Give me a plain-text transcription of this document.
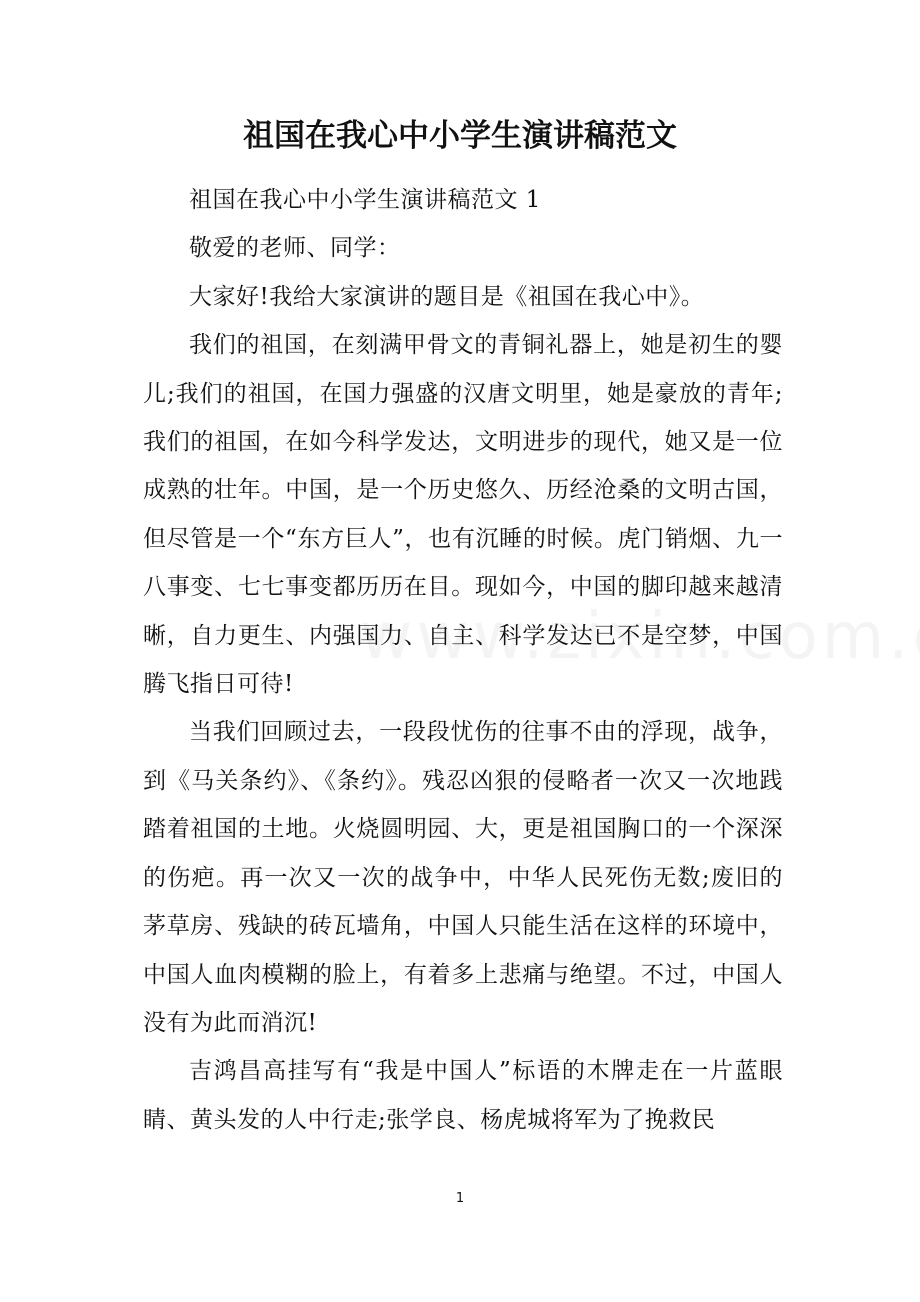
祖国在我心中小学生演讲稿范文

祖国在我心中小学生演讲稿范文 1

敬爱的老师、同学：

大家好!我给大家演讲的题目是《祖国在我心中》。

我们的祖国，在刻满甲骨文的青铜礼器上，她是初生的婴儿;我们的祖国，在国力强盛的汉唐文明里，她是豪放的青年;我们的祖国，在如今科学发达，文明进步的现代，她又是一位成熟的壮年。中国，是一个历史悠久、历经沧桑的文明古国，但尽管是一个“东方巨人”，也有沉睡的时候。虎门销烟、九一八事变、七七事变都历历在目。现如今，中国的脚印越来越清晰，自力更生、内强国力、自主、科学发达已不是空梦，中国腾飞指日可待!

当我们回顾过去，一段段忧伤的往事不由的浮现，战争，到《马关条约》、《条约》。残忍凶狠的侵略者一次又一次地践踏着祖国的土地。火烧圆明园、大，更是祖国胸口的一个深深的伤疤。再一次又一次的战争中，中华人民死伤无数;废旧的茅草房、残缺的砖瓦墙角，中国人只能生活在这样的环境中，中国人血肉模糊的脸上，有着多上悲痛与绝望。不过，中国人没有为此而消沉!

吉鸿昌高挂写有“我是中国人”标语的木牌走在一片蓝眼睛、黄头发的人中行走;张学良、杨虎城将军为了挽救民

1
